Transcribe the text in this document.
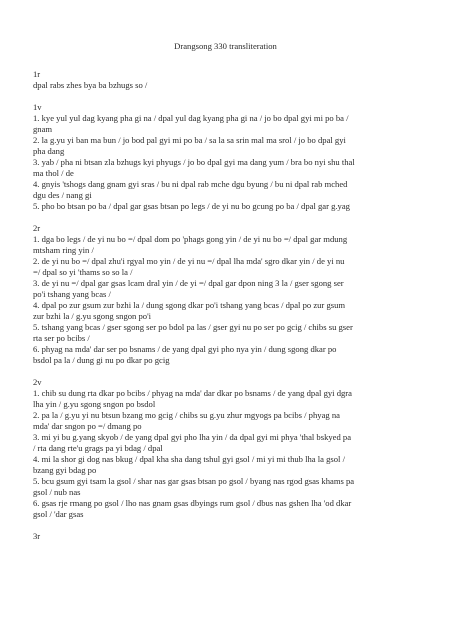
Drangsong 330 transliteration

1r

dpal rabs zhes bya ba bzhugs so /

1v

1. kye yul yul dag kyang pha gi na / dpal yul dag kyang pha gi na / jo bo dpal gyi mi po ba /

gnam

2. la g.yu yi ban ma bun / jo bod pal gyi mi po ba / sa la sa srin mal ma srol / jo bo dpal gyi

pha dang

3. yab / pha ni btsan zla bzhugs kyi phyugs / jo bo dpal gyi ma dang yum / bra bo nyi shu thal

ma thol / de

4. gnyis 'tshogs dang gnam gyi sras / bu ni dpal rab mche dgu byung / bu ni dpal rab mched

dgu des / nang gi

5. pho bo btsan po ba / dpal gar gsas btsan po legs / de yi nu bo gcung po ba / dpal gar g.yag

2r

1. dga bo legs / de yi nu bo =/ dpal dom po 'phags gong yin / de yi nu bo =/ dpal gar mdung

mtsham ring yin /

2. de yi nu bo =/ dpal zhu'i rgyal mo yin / de yi nu =/ dpal lha mda' sgro dkar yin / de yi nu

=/ dpal so yi 'thams so so la /

3. de yi nu =/ dpal gar gsas lcam dral yin / de yi =/ dpal gar dpon ning 3 la / gser sgong ser

po'i tshang yang bcas /

4. dpal po zur gsum zur bzhi la / dung sgong dkar po'i tshang yang bcas / dpal po zur gsum

zur bzhi la / g.yu sgong sngon po'i

5. tshang yang bcas / gser sgong ser po bdol pa las / gser gyi nu po ser po gcig / chibs su gser

rta ser po bcibs /

6. phyag na mda' dar ser po bsnams / de yang dpal gyi pho nya yin / dung sgong dkar po

bsdol pa la / dung gi nu po dkar po gcig

2v

1. chib su dung rta dkar po bcibs / phyag na mda' dar dkar po bsnams / de yang dpal gyi dgra

lha yin / g.yu sgong sngon po bsdol

2. pa la / g.yu yi nu btsun bzang mo gcig / chibs su g.yu zhur mgyogs pa bcibs / phyag na

mda' dar sngon po =/ dmang po

3. mi yi bu g.yang skyob / de yang dpal gyi pho lha yin / da dpal gyi mi phya 'thal bskyed pa

/ rta dang rte'u grags pa yi bdag / dpal

4. mi la shor gi dog nas bkug / dpal kha sha dang tshul gyi gsol / mi yi mi thub lha la gsol /

bzang gyi bdag po

5. bcu gsum gyi tsam la gsol / shar nas gar gsas btsan po gsol / byang nas rgod gsas khams pa

gsol / nub nas

6. gsas rje rmang po gsol / lho nas gnam gsas dbyings rum gsol / dbus nas gshen lha 'od dkar

gsol / 'dar gsas

3r
